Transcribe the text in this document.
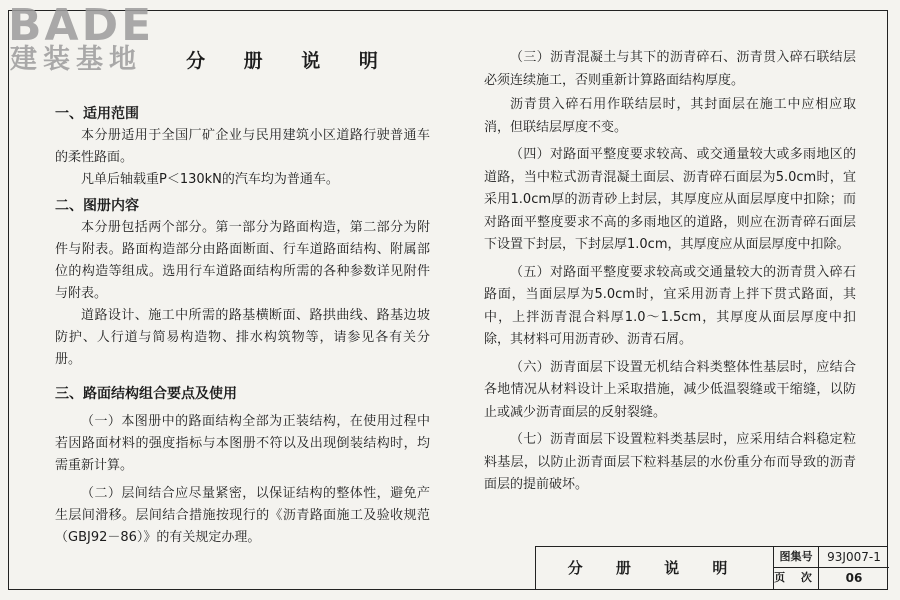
BADE
建装基地	分 册 说 明

一、适用范围

本分册适用于全国厂矿企业与民用建筑小区道路行驶普通车的柔性路面。

凡单后轴载重P＜130kN的汽车均为普通车。

二、图册内容

本分册包括两个部分。第一部分为路面构造，第二部分为附件与附表。路面构造部分由路面断面、行车道路面结构、附属部位的构造等组成。选用行车道路面结构所需的各种参数详见附件与附表。

道路设计、施工中所需的路基横断面、路拱曲线、路基边坡防护、人行道与简易构造物、排水构筑物等，请参见各有关分册。

三、路面结构组合要点及使用

（一）本图册中的路面结构全部为正装结构，在使用过程中若因路面材料的强度指标与本图册不符以及出现倒装结构时，均需重新计算。

（二）层间结合应尽量紧密，以保证结构的整体性，避免产生层间滑移。层间结合措施按现行的《沥青路面施工及验收规范（GBJ92－86）》的有关规定办理。

（三）沥青混凝土与其下的沥青碎石、沥青贯入碎石联结层必须连续施工，否则重新计算路面结构厚度。

沥青贯入碎石用作联结层时，其封面层在施工中应相应取消，但联结层厚度不变。

（四）对路面平整度要求较高、或交通量较大或多雨地区的道路，当中粒式沥青混凝土面层、沥青碎石面层为5.0cm时，宜采用1.0cm厚的沥青砂上封层，其厚度应从面层厚度中扣除；而对路面平整度要求不高的多雨地区的道路，则应在沥青碎石面层下设置下封层，下封层厚1.0cm，其厚度应从面层厚度中扣除。

（五）对路面平整度要求较高或交通量较大的沥青贯入碎石路面，当面层厚为5.0cm时，宜采用沥青上拌下贯式路面，其中，上拌沥青混合料厚1.0～1.5cm，其厚度从面层厚度中扣除，其材料可用沥青砂、沥青石屑。

（六）沥青面层下设置无机结合料类整体性基层时，应结合各地情况从材料设计上采取措施，减少低温裂缝或干缩缝，以防止或减少沥青面层的反射裂缝。

（七）沥青面层下设置粒料类基层时，应采用结合料稳定粒料基层，以防止沥青面层下粒料基层的水份重分布而导致的沥青面层的提前破坏。

分 册 说 明
图集号	93J007-1
页 次	06
